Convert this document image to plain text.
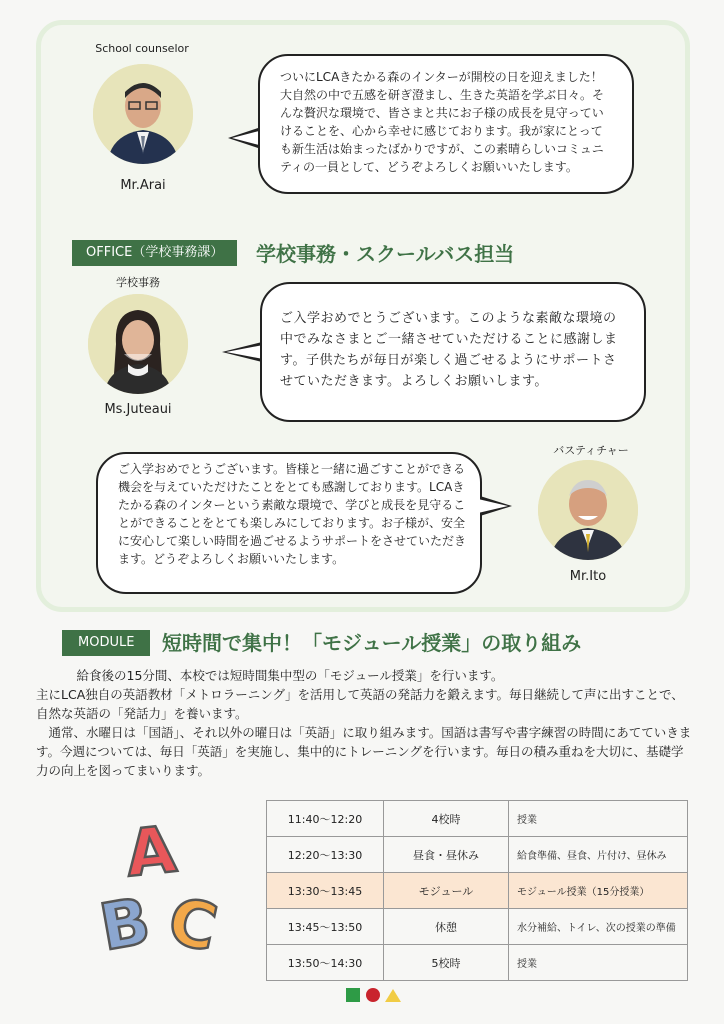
School counselor
Mr.Arai
ついにLCAきたかる森のインターが開校の日を迎えました！大自然の中で五感を研ぎ澄まし、生きた英語を学ぶ日々。そんな贅沢な環境で、皆さまと共にお子様の成長を見守っていけることを、心から幸せに感じております。我が家にとっても新生活は始まったばかりですが、この素晴らしいコミュニティの一員として、どうぞよろしくお願いいたします。
OFFICE（学校事務課）	学校事務・スクールバス担当
学校事務
Ms.Juteaui
ご入学おめでとうございます。このような素敵な環境の中でみなさまとご一緒させていただけることに感謝します。子供たちが毎日が楽しく過ごせるようにサポートさせていただきます。よろしくお願いします。
ご入学おめでとうございます。皆様と一緒に過ごすことができる機会を与えていただけたことをとても感謝しております。LCAきたかる森のインターという素敵な環境で、学びと成長を見守ることができることをとても楽しみにしております。お子様が、安全に安心して楽しい時間を過ごせるようサポートをさせていただきます。どうぞよろしくお願いいたします。
バスティチャー
Mr.Ito
MODULE	短時間で集中！「モジュール授業」の取り組み

　給食後の15分間、本校では短時間集中型の「モジュール授業」を行います。

主にLCA独自の英語教材「メトロラーニング」を活用して英語の発話力を鍛えます。毎日継続して声に出すことで、自然な英語の「発話力」を養います。

　通常、水曜日は「国語」、それ以外の曜日は「英語」に取り組みます。国語は書写や書字練習の時間にあてていきます。今週については、毎日「英語」を実施し、集中的にトレーニングを行います。毎日の積み重ねを大切に、基礎学力の向上を図ってまいります。

A
B C
11:40〜12:20	4校時	授業
12:20〜13:30	昼食・昼休み	給食準備、昼食、片付け、昼休み
13:30〜13:45	モジュール	モジュール授業（15分授業）
13:45〜13:50	休憩	水分補給、トイレ、次の授業の準備
13:50〜14:30	5校時	授業
